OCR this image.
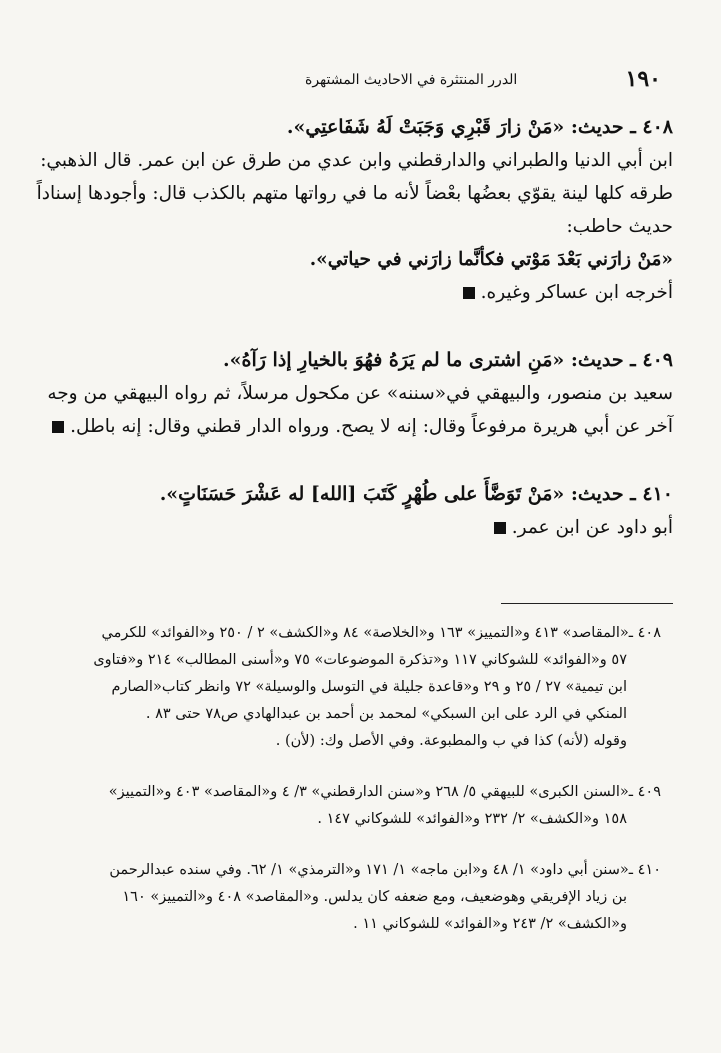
١٩٠
الدرر المنتثرة في الاحاديث المشتهرة
٤٠٨ ـ حديث: «مَنْ زارَ قَبْرِي وَجَبَتْ لَهُ شَفَاعتِي».
ابن أبي الدنيا والطبراني والدارقطني وابن عدي من طرق عن ابن عمر. قال الذهبي:
طرقه كلها لينة يقوّي بعضُها بعْضاً لأنه ما في رواتها متهم بالكذب قال: وأجودها إسناداً
حديث حاطب:
«مَنْ زارَني بَعْدَ مَوْتي فكأنَّما زارَني في حياتي».
أخرجه ابن عساكر وغيره.
٤٠٩ ـ حديث: «مَنِ اشترى ما لم يَرَهُ فهُوَ بالخيارِ إذا رَآهُ».
سعيد بن منصور، والبيهقي في«سننه» عن مكحول مرسلاً، ثم رواه البيهقي من وجه
آخر عن أبي هريرة مرفوعاً وقال: إنه لا يصح. ورواه الدار قطني وقال: إنه باطل.
٤١٠ ـ حديث: «مَنْ تَوَضَّأَ على طُهْرٍ كَتَبَ [الله] له عَشْرَ حَسَنَاتٍ».
أبو داود عن ابن عمر.
٤٠٨ ـ«المقاصد» ٤١٣ و«التمييز» ١٦٣ و«الخلاصة» ٨٤ و«الكشف» ٢ / ٢٥٠ و«الفوائد» للكرمي
٥٧ و«الفوائد» للشوكاني ١١٧ و«تذكرة الموضوعات» ٧٥ و«أسنى المطالب» ٢١٤ و«فتاوى
ابن تيمية» ٢٧ / ٢٥ و ٢٩ و«قاعدة جليلة في التوسل والوسيلة» ٧٢ وانظر كتاب«الصارم
المنكي في الرد على ابن السبكي» لمحمد بن أحمد بن عبدالهادي ص٧٨ حتى ٨٣ .
وقوله (لأنه) كذا في ب والمطبوعة. وفي الأصل وك: (لأن) .
٤٠٩ ـ«السنن الكبرى» للبيهقي ٥/ ٢٦٨ و«سنن الدارقطني» ٣/ ٤ و«المقاصد» ٤٠٣ و«التمييز»
١٥٨ و«الكشف» ٢/ ٢٣٢ و«الفوائد» للشوكاني ١٤٧ .
٤١٠ ـ«سنن أبي داود» ١/ ٤٨ و«ابن ماجه» ١/ ١٧١ و«الترمذي» ١/ ٦٢. وفي سنده عبدالرحمن
بن زياد الإفريقي وهوضعيف، ومع ضعفه كان يدلس. و«المقاصد» ٤٠٨ و«التمييز» ١٦٠
و«الكشف» ٢/ ٢٤٣ و«الفوائد» للشوكاني ١١ .
